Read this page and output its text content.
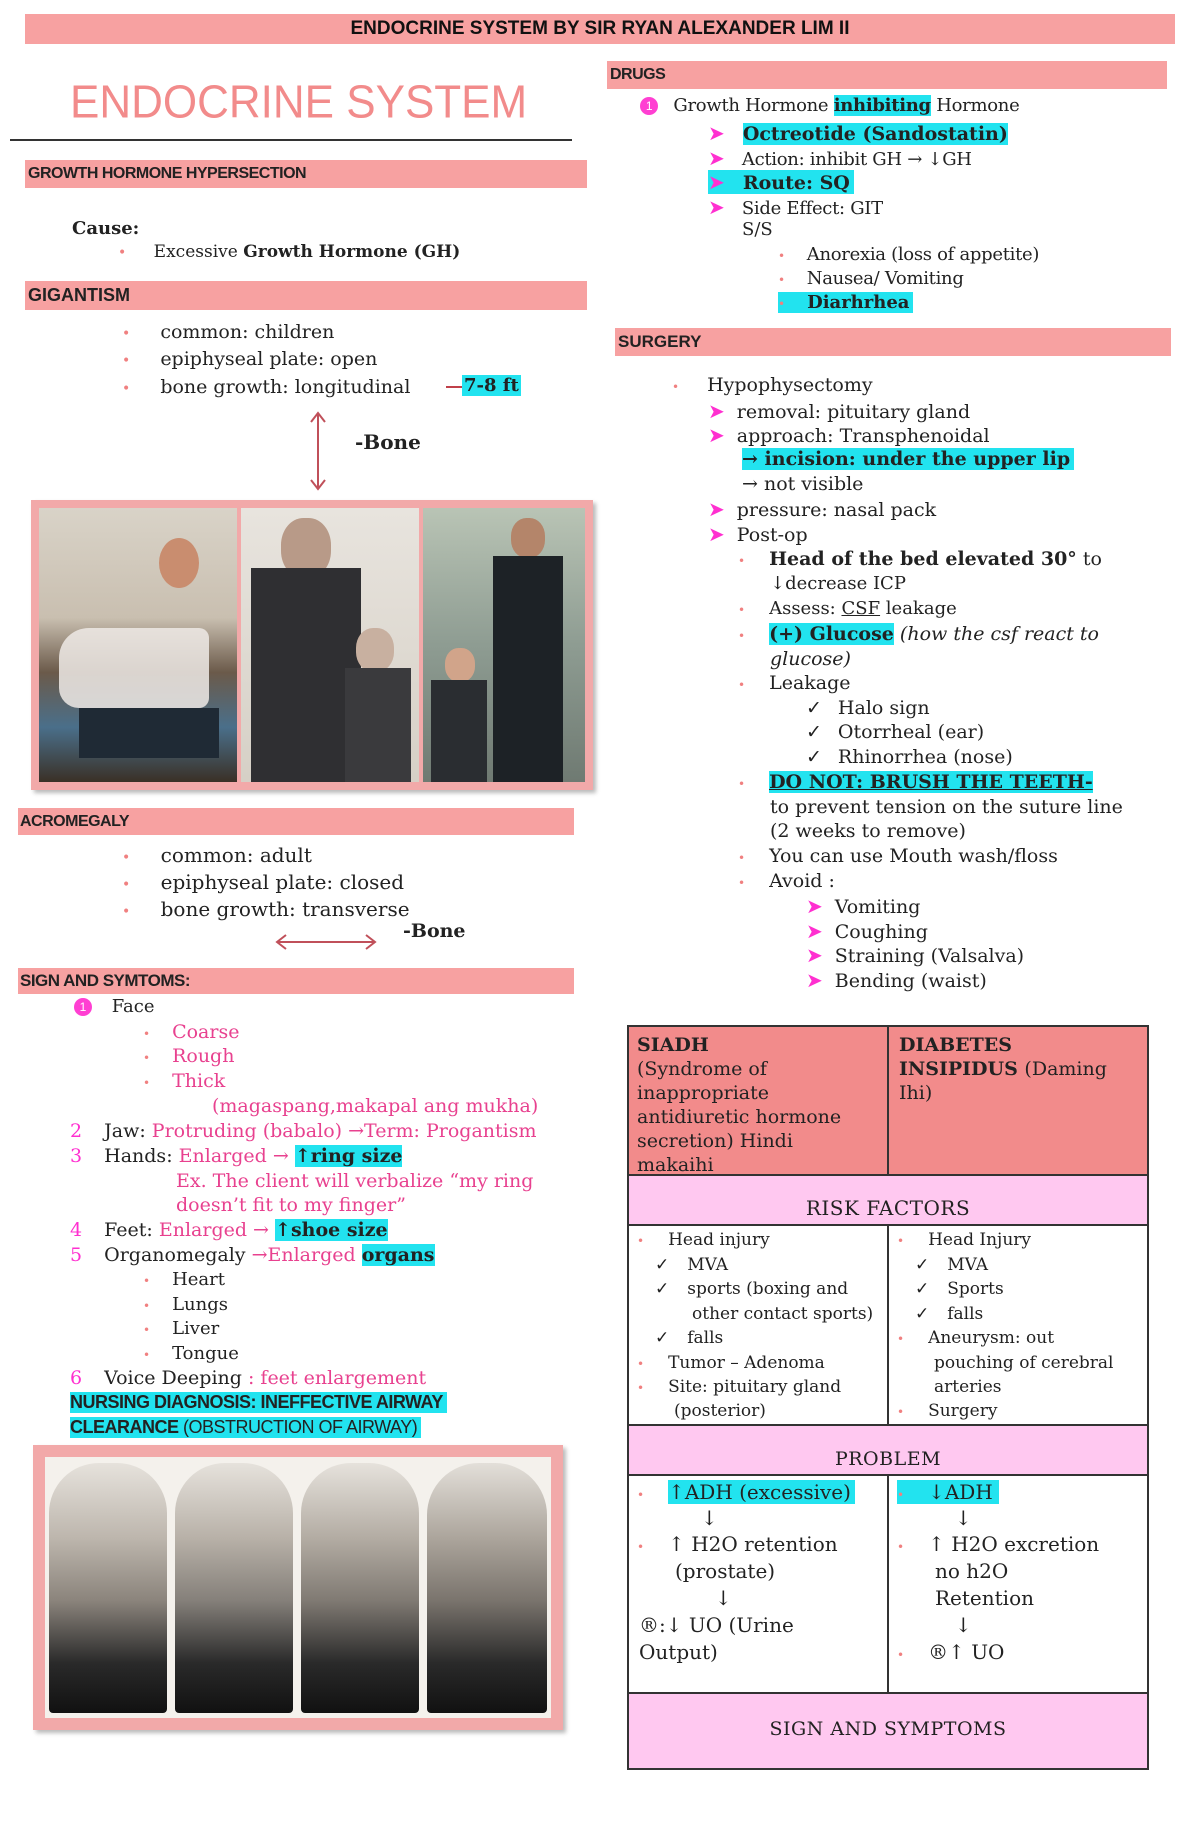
ENDOCRINE SYSTEM BY SIR RYAN ALEXANDER LIM II
ENDOCRINE SYSTEM
GROWTH HORMONE HYPERSECTION
Cause:
• Excessive Growth Hormone (GH)
GIGANTISM
• common: children
• epiphyseal plate: open
• bone growth: longitudinal	7-8 ft
-Bone
ACROMEGALY
• common: adult
• epiphyseal plate: closed
• bone growth: transverse
-Bone
SIGN AND SYMTOMS:
1 Face
• Coarse
• Rough
• Thick
(magaspang,makapal ang mukha)
2 Jaw: Protruding (babalo) →Term: Progantism
3 Hands: Enlarged → ↑ring size
Ex. The client will verbalize “my ring
doesn’t fit to my finger”
4 Feet: Enlarged → ↑shoe size
5 Organomegaly →Enlarged organs
• Heart
• Lungs
• Liver
• Tongue
6 Voice Deeping : feet enlargement
NURSING DIAGNOSIS: INEFFECTIVE AIRWAY
CLEARANCE (OBSTRUCTION OF AIRWAY)
DRUGS
1 Growth Hormone inhibiting Hormone
➤ Octreotide (Sandostatin)
➤ Action: inhibit GH → ↓GH
➤ Route: SQ
➤ Side Effect: GIT
S/S
• Anorexia (loss of appetite)
• Nausea/ Vomiting
• Diarhrhea
SURGERY
• Hypophysectomy
➤ removal: pituitary gland
➤ approach: Transphenoidal
→ incision: under the upper lip
→ not visible
➤ pressure: nasal pack
➤ Post-op
• Head of the bed elevated 30° to
↓decrease ICP
• Assess: CSF leakage
• (+) Glucose (how the csf react to
glucose)
• Leakage
✓ Halo sign
✓ Otorrheal (ear)
✓ Rhinorrhea (nose)
• DO NOT: BRUSH THE TEETH-
to prevent tension on the suture line
(2 weeks to remove)
• You can use Mouth wash/floss
• Avoid :
➤ Vomiting
➤ Coughing
➤ Straining (Valsalva)
➤ Bending (waist)
SIADH
(Syndrome of
inappropriate
antidiuretic hormone
secretion) Hindi
makaihi
DIABETES
INSIPIDUS (Daming
Ihi)
RISK FACTORS
• Head injury
✓ MVA
✓ sports (boxing and
other contact sports)
✓ falls
• Tumor – Adenoma
• Site: pituitary gland
(posterior)
• Head Injury
✓ MVA
✓ Sports
✓ falls
• Aneurysm: out
pouching of cerebral
arteries
• Surgery
PROBLEM
• ↑ADH (excessive)
↓
• ↑ H2O retention
(prostate)
↓
®:↓ UO (Urine
Output)
• ↓ADH
↓
• ↑ H2O excretion
no h2O
Retention
↓
• ®↑ UO
SIGN AND SYMPTOMS
